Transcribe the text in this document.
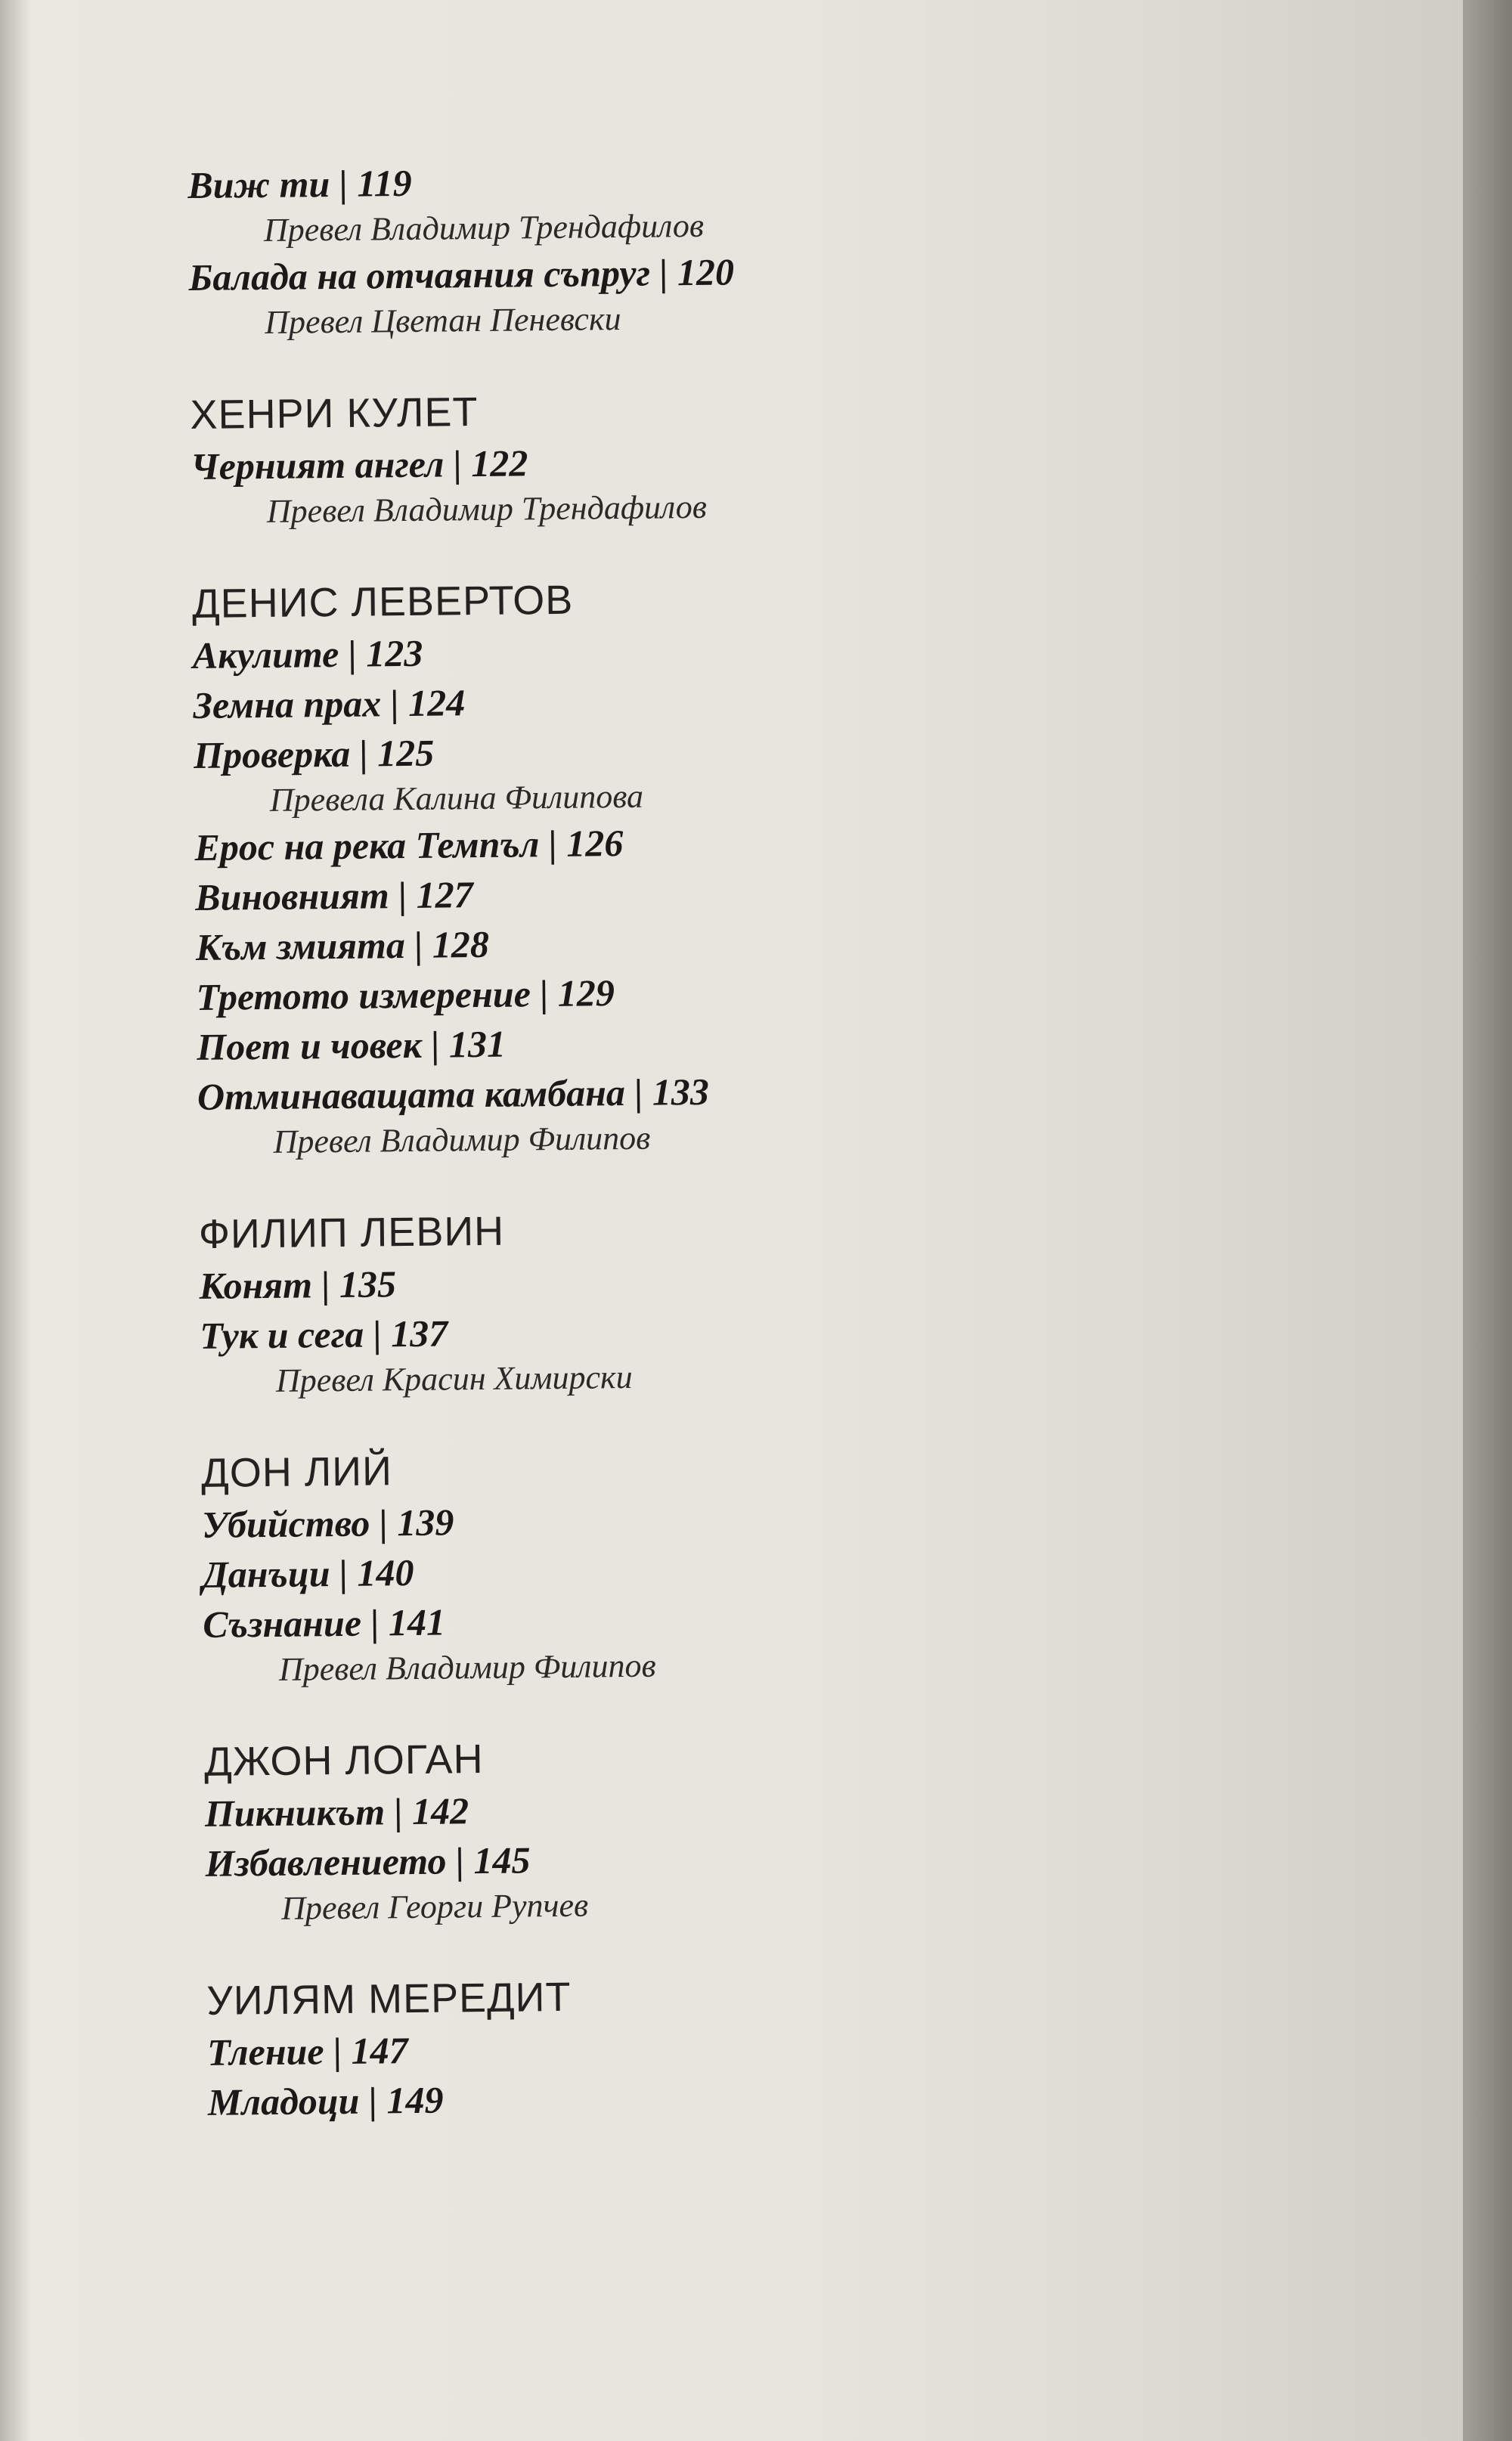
Виж ти | 119
Превел Владимир Трендафилов
Балада на отчаяния съпруг | 120
Превел Цветан Пеневски
ХЕНРИ КУЛЕТ
Черният ангел | 122
Превел Владимир Трендафилов
ДЕНИС ЛЕВЕРТОВ
Акулите | 123
Земна прах | 124
Проверка | 125
Превела Калина Филипова
Ерос на река Темпъл | 126
Виновният | 127
Към змията | 128
Третото измерение | 129
Поет и човек | 131
Отминаващата камбана | 133
Превел Владимир Филипов
ФИЛИП ЛЕВИН
Конят | 135
Тук и сега | 137
Превел Красин Химирски
ДОН ЛИЙ
Убийство | 139
Данъци | 140
Съзнание | 141
Превел Владимир Филипов
ДЖОН ЛОГАН
Пикникът | 142
Избавлението | 145
Превел Георги Рупчев
УИЛЯМ МЕРЕДИТ
Тление | 147
Младоци | 149
